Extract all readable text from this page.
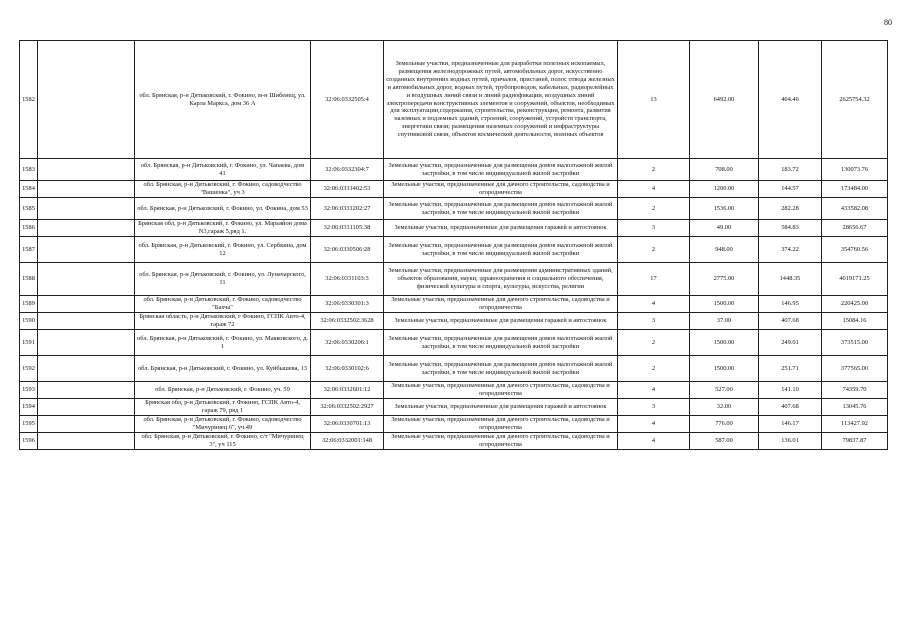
80
1582		обл. Брянская, р-н Дятьковский, г. Фокино, м-н Шибенец, ул. Карла Маркса, дом 36 А	32:06:0332505:4	Земельные участки, предназначенные для разработки полезных ископаемых, размещения железнодорожных путей, автомобильных дорог, искусственно созданных внутренних водных путей, причалов, пристаней, полос отвода железных и автомобильных дорог, водных путей, трубопроводов, кабельных, радиорелейных и воздушных линий связи и линий радиофикации, воздушных линий электропередачи конструктивных элементов и сооружений, объектов, необходимых для эксплуатации,содержания, строительства, реконструкции, ремонта, развития наземных и подземных зданий, строений, сооружений, устройств транспорта, энергетики связи; размещения наземных сооружений и инфраструктуры спутниковой связи, объектов космической деятельности, военных объектов	13	6492.00	404.46	2625754.32
1583		обл. Брянская, р-н Дятьковский, г. Фокино, ул. Чапаева, дом 41	32:06:0332304:7	Земельные участки, предназначенные для размещения домов малоэтажной жилой застройки, в том числе индивидуальной жилой застройки	2	708.00	183.72	130073.76
1584		обл. Брянская, р-н Дятьковский, г. Фокино, садоводчество "Вишенка", уч 3	32:06:0331402:53	Земельные участки, предназначенные для дачного строительства, садоводства и огородничества	4	1200.00	144.57	173484.00
1585		обл. Брянская, р-н Дятьковский, г. Фокино, ул. Фокина, дом 53	32:06:0331202:27	Земельные участки, предназначенные для размещения домов малоэтажной жилой застройки, в том числе индивидуальной жилой застройки	2	1536.00	282.28	433582.08
1586		Брянская обл, р-н Дятьковский, г. Фокино, ул. Марьяйон дома N3,гараж 5,ряд 1.	32:06:0331105:38	Земельные участки, предназначенные для размещения гаражей и автостоянок	3	49.00	584.83	28656.67
1587		обл. Брянская, р-н Дятьковский, г. Фокино, ул. Сербкина, дом 12	32:06:0330506:28	Земельные участки, предназначенные для размещения домов малоэтажной жилой застройки, в том числе индивидуальной жилой застройки	2	948.00	374.22	354760.56
1588		обл. Брянская, р-н Дятьковский, г. Фокино, ул. Луначарского, 11	32:06:0331103:3	Земельные участки, предназначенные для размещения административных зданий, объектов образования, науки, здравоохранения и социального обеспечения, физической культуры и спорта, культуры, искусства, религии	17	2775.00	1448.35	4019171.25
1589		обл. Брянская, р-н Дятьковский, г. Фокино, садоводчество "Бахча"	32:06:0330301:3	Земельные участки, предназначенные для дачного строительства, садоводства и огородничества	4	1500.00	146.95	220425.00
1590		Брянская область, р-н Дятьковский, г Фокино, ГСПК Авто-4, гараж 72	32:06:0332502:3628	Земельные участки, предназначенные для размещения гаражей и автостоянок	3	37.00	407.68	15084.16
1591		обл. Брянская, р-н Дятьковский, г. Фокино, ул. Маяковского, д. 1	32:06:0330206:1	Земельные участки, предназначенные для размещения домов малоэтажной жилой застройки, в том числе индивидуальной жилой застройки	2	1500.00	249.01	373515.00
1592		обл. Брянская, р-н Дятьковский, г. Фокино, ул. Куйбышева, 13	32:06:0330102:6	Земельные участки, предназначенные для размещения домов малоэтажной жилой застройки, в том числе индивидуальной жилой застройки	2	1500.00	251.71	377565.00
1593		обл. Брянская, р-н Дятьковский, г. Фокино, уч. 59	32:06:0332601:12	Земельные участки, предназначенные для дачного строительства, садоводства и огородничества	4	527.00	141.10	74359.70
1594		Брянская обл, р-н Дятьковский, г Фокино, ГСПК Авто-4, гараж 79, ряд 1	32:06:0332502:2927	Земельные участки, предназначенные для размещения гаражей и автостоянок	3	32.00	407.68	13045.76
1595		обл. Брянская, р-н Дятьковский, г. Фокино, садоводчество "Мичуринец 6", уч.49	32:06:0330701:13	Земельные участки, предназначенные для дачного строительства, садоводства и огородничества	4	776.00	146.17	113427.92
1596		обл. Брянская, р-н Дятьковский, г. Фокино, с/т "Мичуринец 3", уч 115	32:06:0332001:148	Земельные участки, предназначенные для дачного строительства, садоводства и огородничества	4	587.00	136.01	79837.87
